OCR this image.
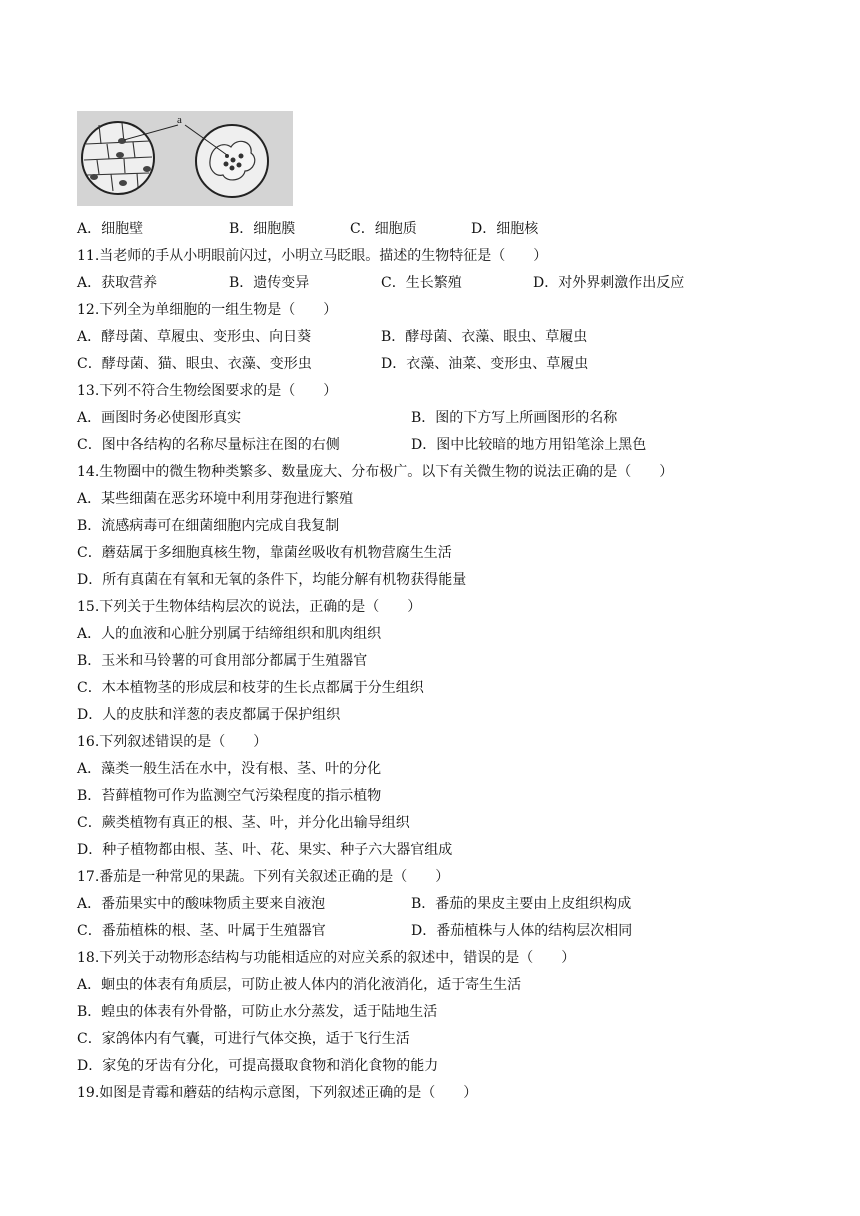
a
A．细胞壁	B．细胞膜	C．细胞质	D．细胞核
11.当老师的手从小明眼前闪过，小明立马眨眼。描述的生物特征是（　　）
A．获取营养	B．遗传变异	C．生长繁殖	D．对外界刺激作出反应
12.下列全为单细胞的一组生物是（　　）
A．酵母菌、草履虫、变形虫、向日葵	B．酵母菌、衣藻、眼虫、草履虫
C．酵母菌、猫、眼虫、衣藻、变形虫	D．衣藻、油菜、变形虫、草履虫
13.下列不符合生物绘图要求的是（　　）
A．画图时务必使图形真实	B．图的下方写上所画图形的名称
C．图中各结构的名称尽量标注在图的右侧	D．图中比较暗的地方用铅笔涂上黑色
14.生物圈中的微生物种类繁多、数量庞大、分布极广。以下有关微生物的说法正确的是（　　）
A．某些细菌在恶劣环境中利用芽孢进行繁殖
B．流感病毒可在细菌细胞内完成自我复制
C．蘑菇属于多细胞真核生物，靠菌丝吸收有机物营腐生生活
D．所有真菌在有氧和无氧的条件下，均能分解有机物获得能量
15.下列关于生物体结构层次的说法，正确的是（　　）
A．人的血液和心脏分别属于结缔组织和肌肉组织
B．玉米和马铃薯的可食用部分都属于生殖器官
C．木本植物茎的形成层和枝芽的生长点都属于分生组织
D．人的皮肤和洋葱的表皮都属于保护组织
16.下列叙述错误的是（　　）
A．藻类一般生活在水中，没有根、茎、叶的分化
B．苔藓植物可作为监测空气污染程度的指示植物
C．蕨类植物有真正的根、茎、叶，并分化出输导组织
D．种子植物都由根、茎、叶、花、果实、种子六大器官组成
17.番茄是一种常见的果蔬。下列有关叙述正确的是（　　）
A．番茄果实中的酸味物质主要来自液泡	B．番茄的果皮主要由上皮组织构成
C．番茄植株的根、茎、叶属于生殖器官	D．番茄植株与人体的结构层次相同
18.下列关于动物形态结构与功能相适应的对应关系的叙述中，错误的是（　　）
A．蛔虫的体表有角质层，可防止被人体内的消化液消化，适于寄生生活
B．蝗虫的体表有外骨骼，可防止水分蒸发，适于陆地生活
C．家鸽体内有气囊，可进行气体交换，适于飞行生活
D．家兔的牙齿有分化，可提高摄取食物和消化食物的能力
19.如图是青霉和蘑菇的结构示意图，下列叙述正确的是（　　）
